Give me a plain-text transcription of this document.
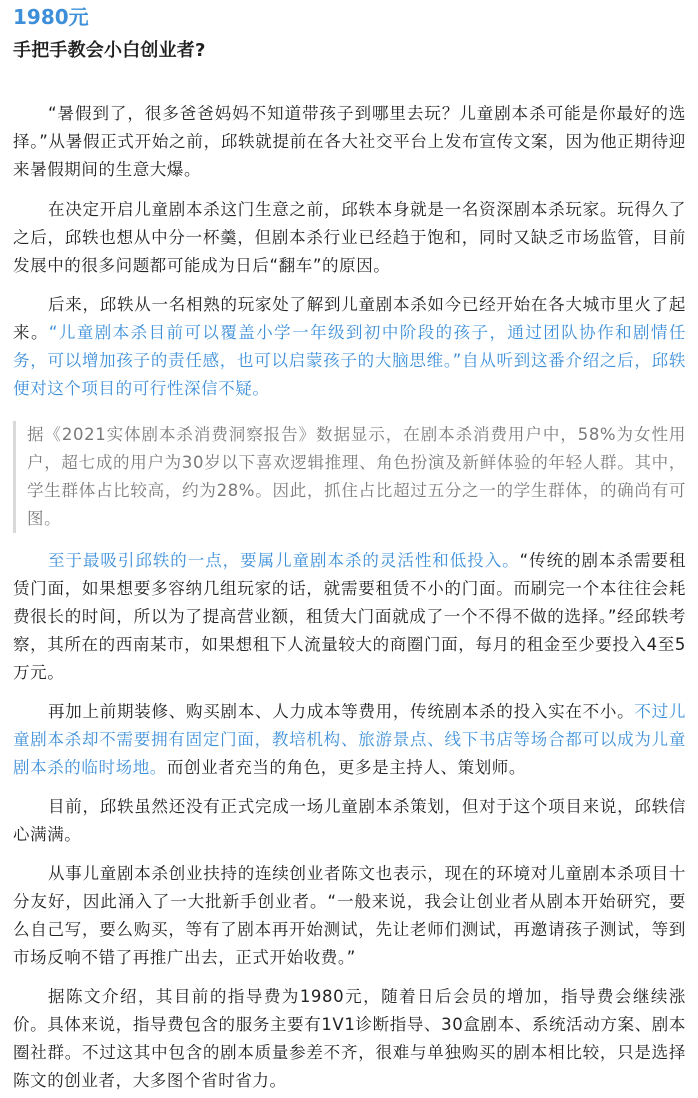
1980元
手把手教会小白创业者?

“暑假到了，很多爸爸妈妈不知道带孩子到哪里去玩？儿童剧本杀可能是你最好的选择。”从暑假正式开始之前，邱轶就提前在各大社交平台上发布宣传文案，因为他正期待迎来暑假期间的生意大爆。

在决定开启儿童剧本杀这门生意之前，邱轶本身就是一名资深剧本杀玩家。玩得久了之后，邱轶也想从中分一杯羹，但剧本杀行业已经趋于饱和，同时又缺乏市场监管，目前发展中的很多问题都可能成为日后“翻车”的原因。

后来，邱轶从一名相熟的玩家处了解到儿童剧本杀如今已经开始在各大城市里火了起来。“儿童剧本杀目前可以覆盖小学一年级到初中阶段的孩子，通过团队协作和剧情任务，可以增加孩子的责任感，也可以启蒙孩子的大脑思维。”自从听到这番介绍之后，邱轶便对这个项目的可行性深信不疑。

据《2021实体剧本杀消费洞察报告》数据显示，在剧本杀消费用户中，58%为女性用户，超七成的用户为30岁以下喜欢逻辑推理、角色扮演及新鲜体验的年轻人群。其中，学生群体占比较高，约为28%。因此，抓住占比超过五分之一的学生群体，的确尚有可图。

至于最吸引邱轶的一点，要属儿童剧本杀的灵活性和低投入。“传统的剧本杀需要租赁门面，如果想要多容纳几组玩家的话，就需要租赁不小的门面。而刷完一个本往往会耗费很长的时间，所以为了提高营业额，租赁大门面就成了一个不得不做的选择。”经邱轶考察，其所在的西南某市，如果想租下人流量较大的商圈门面，每月的租金至少要投入4至5万元。

再加上前期装修、购买剧本、人力成本等费用，传统剧本杀的投入实在不小。不过儿童剧本杀却不需要拥有固定门面，教培机构、旅游景点、线下书店等场合都可以成为儿童剧本杀的临时场地。而创业者充当的角色，更多是主持人、策划师。

目前，邱轶虽然还没有正式完成一场儿童剧本杀策划，但对于这个项目来说，邱轶信心满满。

从事儿童剧本杀创业扶持的连续创业者陈文也表示，现在的环境对儿童剧本杀项目十分友好，因此涌入了一大批新手创业者。“一般来说，我会让创业者从剧本开始研究，要么自己写，要么购买，等有了剧本再开始测试，先让老师们测试，再邀请孩子测试，等到市场反响不错了再推广出去，正式开始收费。”

据陈文介绍，其目前的指导费为1980元，随着日后会员的增加，指导费会继续涨价。具体来说，指导费包含的服务主要有1V1诊断指导、30盒剧本、系统活动方案、剧本圈社群。不过这其中包含的剧本质量参差不齐，很难与单独购买的剧本相比较，只是选择陈文的创业者，大多图个省时省力。
